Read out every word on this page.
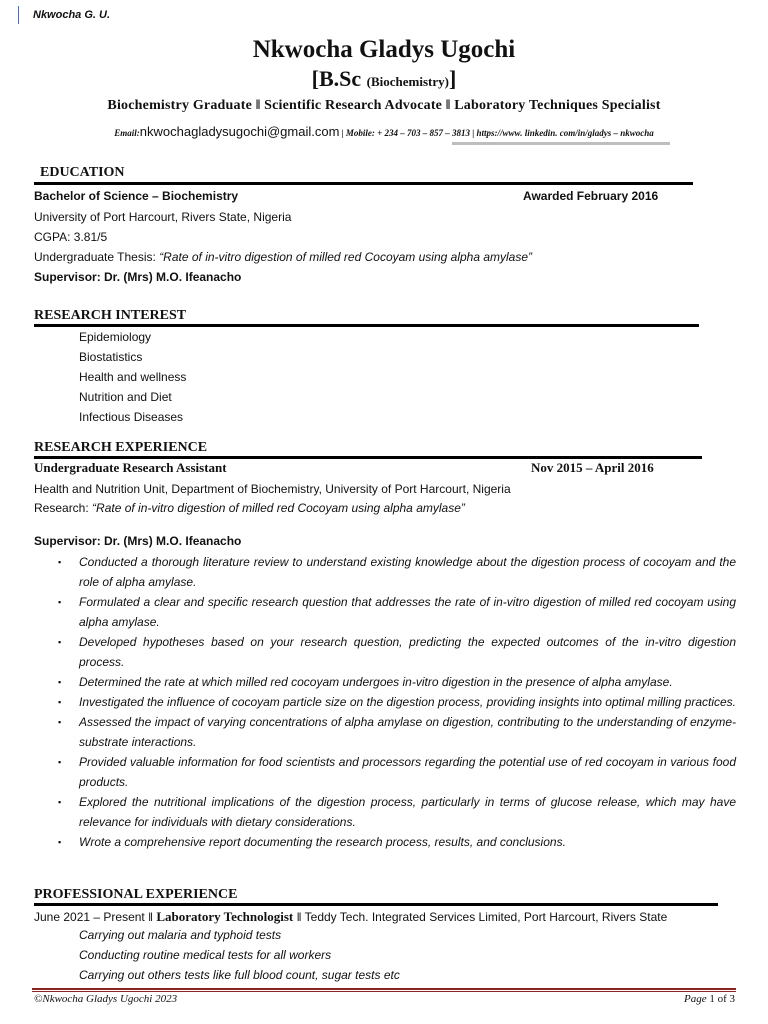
Nkwocha G. U.
Nkwocha Gladys Ugochi
[B.Sc (Biochemistry)]
Biochemistry Graduate ‖ Scientific Research Advocate ‖ Laboratory Techniques Specialist
Email:nkwochagladysugochi@gmail.com | Mobile: + 234 – 703 – 857 – 3813 | https://www. linkedin. com/in/gladys – nkwocha
EDUCATION
Bachelor of Science – Biochemistry	Awarded February 2016
University of Port Harcourt, Rivers State, Nigeria
CGPA: 3.81/5
Undergraduate Thesis: “Rate of in-vitro digestion of milled red Cocoyam using alpha amylase”
Supervisor: Dr. (Mrs) M.O. Ifeanacho
RESEARCH INTEREST
Epidemiology
Biostatistics
Health and wellness
Nutrition and Diet
Infectious Diseases
RESEARCH EXPERIENCE
Undergraduate Research Assistant	Nov 2015 – April 2016
Health and Nutrition Unit, Department of Biochemistry, University of Port Harcourt, Nigeria
Research: “Rate of in-vitro digestion of milled red Cocoyam using alpha amylase”
Supervisor: Dr. (Mrs) M.O. Ifeanacho
▪ Conducted a thorough literature review to understand existing knowledge about the digestion process of cocoyam and the role of alpha amylase.
▪ Formulated a clear and specific research question that addresses the rate of in-vitro digestion of milled red cocoyam using alpha amylase.
▪ Developed hypotheses based on your research question, predicting the expected outcomes of the in-vitro digestion process.
▪ Determined the rate at which milled red cocoyam undergoes in-vitro digestion in the presence of alpha amylase.
▪ Investigated the influence of cocoyam particle size on the digestion process, providing insights into optimal milling practices.
▪ Assessed the impact of varying concentrations of alpha amylase on digestion, contributing to the understanding of enzyme-substrate interactions.
▪ Provided valuable information for food scientists and processors regarding the potential use of red cocoyam in various food products.
▪ Explored the nutritional implications of the digestion process, particularly in terms of glucose release, which may have relevance for individuals with dietary considerations.
▪ Wrote a comprehensive report documenting the research process, results, and conclusions.
PROFESSIONAL EXPERIENCE
June 2021 – Present ‖ Laboratory Technologist ‖ Teddy Tech. Integrated Services Limited, Port Harcourt, Rivers State
Carrying out malaria and typhoid tests
Conducting routine medical tests for all workers
Carrying out others tests like full blood count, sugar tests etc
©Nkwocha Gladys Ugochi 2023	Page 1 of 3
